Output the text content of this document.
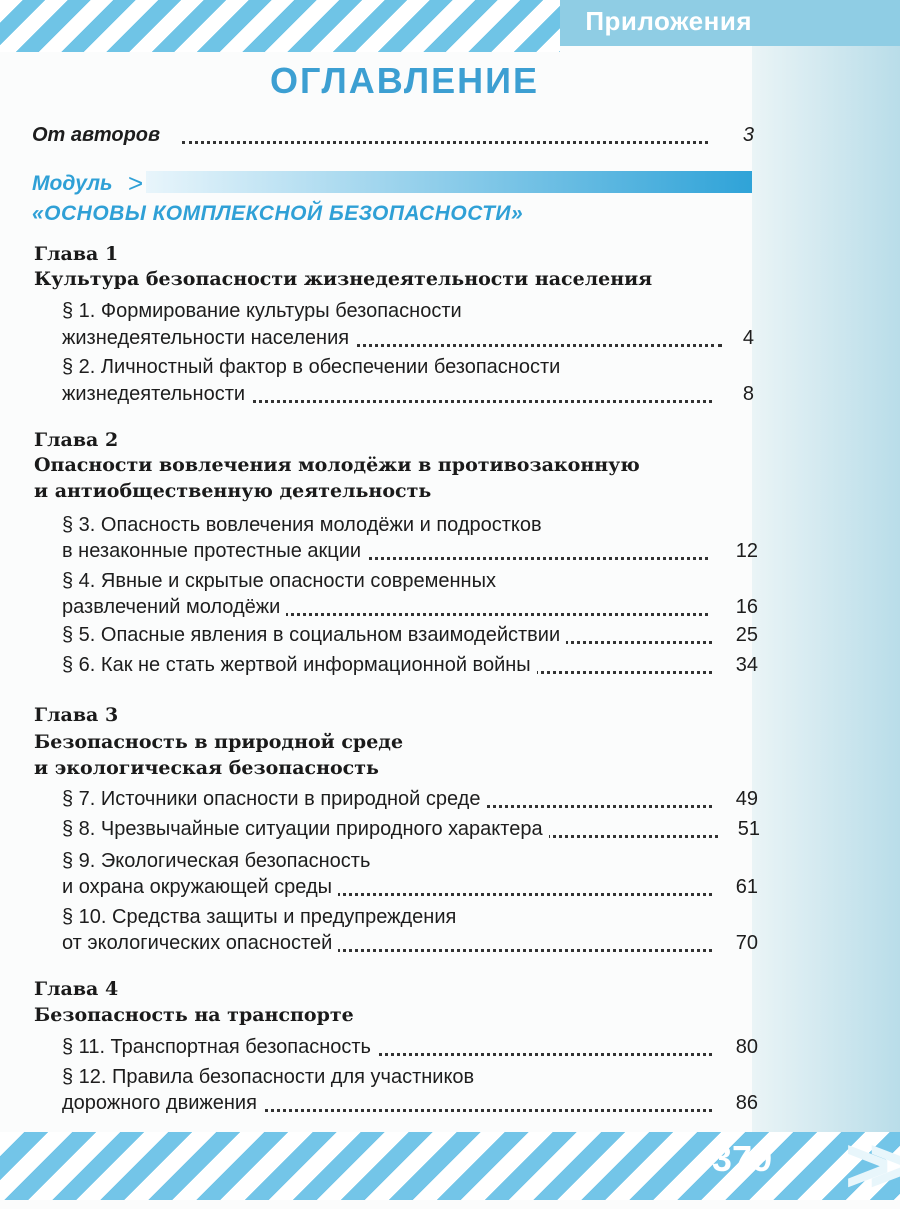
Приложения
ОГЛАВЛЕНИЕ
От авторов	3
Модуль >
«ОСНОВЫ КОМПЛЕКСНОЙ БЕЗОПАСНОСТИ»
Глава 1
Культура безопасности жизнедеятельности населения
§ 1. Формирование культуры безопасности
жизнедеятельности населения	4
§ 2. Личностный фактор в обеспечении безопасности
жизнедеятельности	8
Глава 2
Опасности вовлечения молодёжи в противозаконную
и антиобщественную деятельность
§ 3. Опасность вовлечения молодёжи и подростков
в незаконные протестные акции	12
§ 4. Явные и скрытые опасности современных
развлечений молодёжи	16
§ 5. Опасные явления в социальном взаимодействии	25
§ 6. Как не стать жертвой информационной войны	34
Глава 3
Безопасность в природной среде
и экологическая безопасность
§ 7. Источники опасности в природной среде	49
§ 8. Чрезвычайные ситуации природного характера	51
§ 9. Экологическая безопасность
и охрана окружающей среды	61
§ 10. Средства защиты и предупреждения
от экологических опасностей	70
Глава 4
Безопасность на транспорте
§ 11. Транспортная безопасность	80
§ 12. Правила безопасности для участников
дорожного движения	86
379 >>
